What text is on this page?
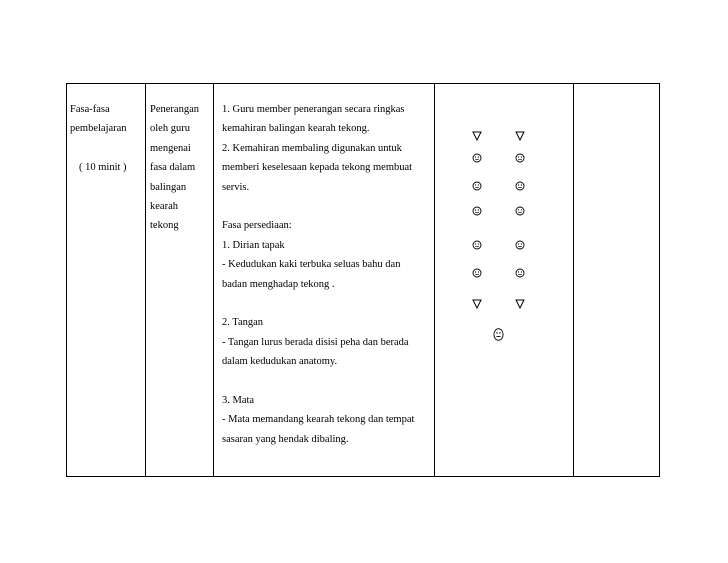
Fasa-fasa
pembelajaran
( 10 minit )
Penerangan
oleh guru
mengenai
fasa dalam
balingan
kearah
tekong
1. Guru member penerangan secara ringkas
kemahiran balingan kearah tekong.
2. Kemahiran membaling digunakan untuk
memberi keselesaan kepada tekong membuat
servis.
Fasa persediaan:
1. Dirian tapak
- Kedudukan kaki terbuka seluas bahu dan
badan menghadap tekong .
2. Tangan
- Tangan lurus berada disisi peha dan berada
dalam kedudukan anatomy.
3. Mata
- Mata memandang kearah tekong dan tempat
sasaran yang hendak dibaling.
